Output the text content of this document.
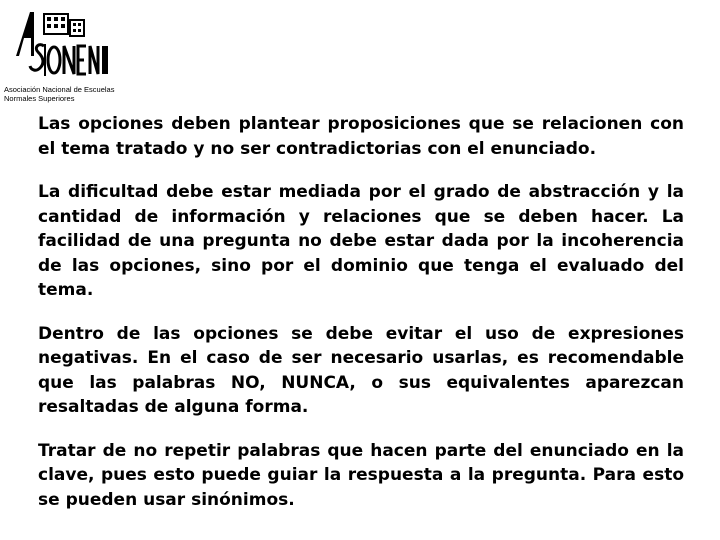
Asociación Nacional de Escuelas
Normales Superiores

Las opciones deben plantear proposiciones que se relacionen con el tema tratado y no ser contradictorias con el enunciado.

La dificultad debe estar mediada por el grado de abstracción y la cantidad de información y relaciones que se deben hacer. La facilidad de una pregunta no debe estar dada por la incoherencia de las opciones, sino por el dominio que tenga el evaluado del tema.

Dentro de las opciones se debe evitar el uso de expresiones negativas. En el caso de ser necesario usarlas, es recomendable que las palabras NO, NUNCA, o sus equivalentes aparezcan resaltadas de alguna forma.

Tratar de no repetir palabras que hacen parte del enunciado en la clave, pues esto puede guiar la respuesta a la pregunta. Para esto se pueden usar sinónimos.
